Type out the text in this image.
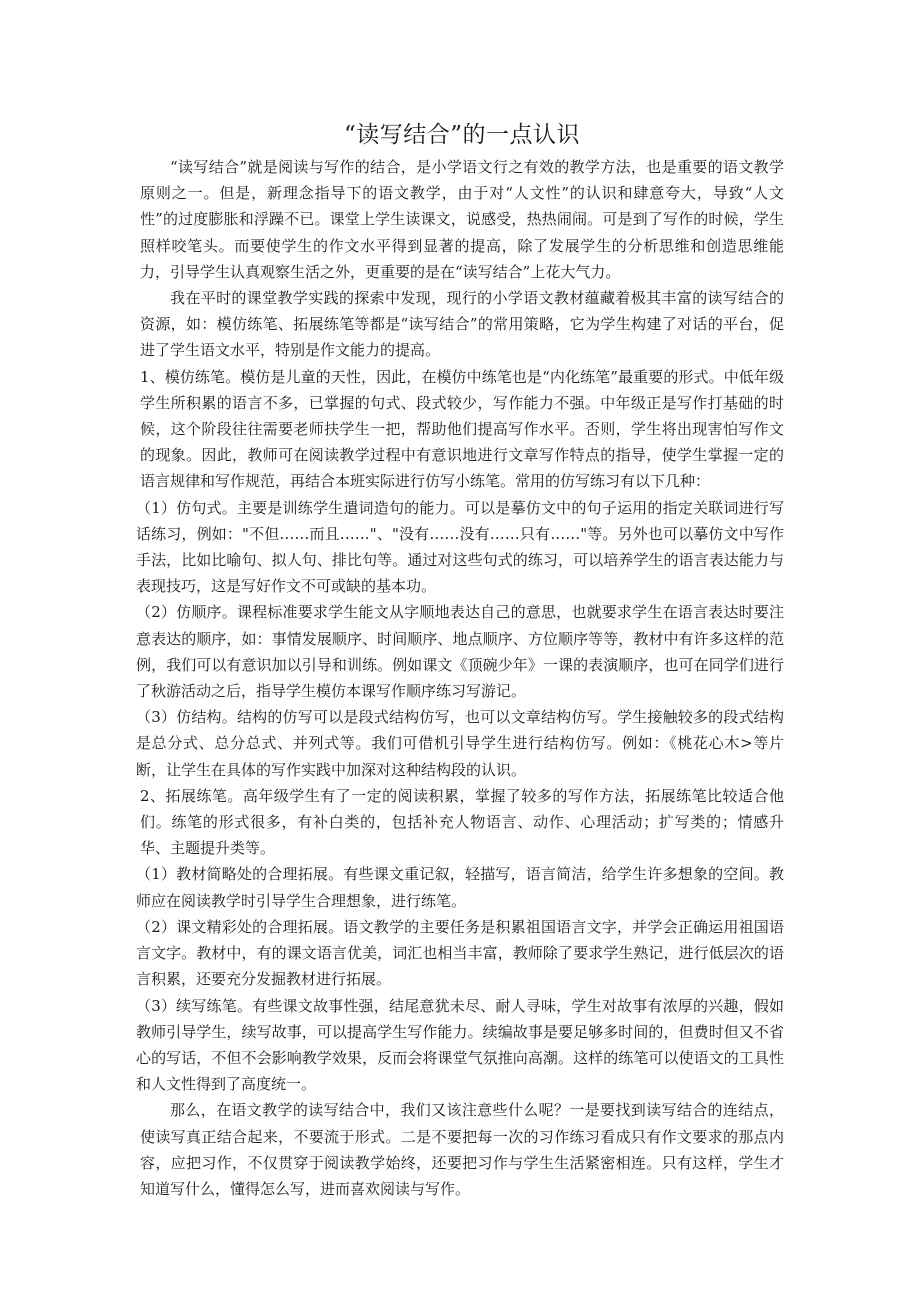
“读写结合”的一点认识

“读写结合”就是阅读与写作的结合，是小学语文行之有效的教学方法，也是重要的语文教学原则之一。但是，新理念指导下的语文教学，由于对“人文性”的认识和肆意夸大，导致“人文性”的过度膨胀和浮躁不已。课堂上学生读课文，说感受，热热闹闹。可是到了写作的时候，学生照样咬笔头。而要使学生的作文水平得到显著的提高，除了发展学生的分析思维和创造思维能力，引导学生认真观察生活之外，更重要的是在“读写结合”上花大气力。

我在平时的课堂教学实践的探索中发现，现行的小学语文教材蕴藏着极其丰富的读写结合的资源，如：模仿练笔、拓展练笔等都是“读写结合”的常用策略，它为学生构建了对话的平台，促进了学生语文水平，特别是作文能力的提高。

1、模仿练笔。模仿是儿童的天性，因此，在模仿中练笔也是“内化练笔”最重要的形式。中低年级学生所积累的语言不多，已掌握的句式、段式较少，写作能力不强。中年级正是写作打基础的时候，这个阶段往往需要老师扶学生一把，帮助他们提高写作水平。否则，学生将出现害怕写作文的现象。因此，教师可在阅读教学过程中有意识地进行文章写作特点的指导，使学生掌握一定的语言规律和写作规范，再结合本班实际进行仿写小练笔。常用的仿写练习有以下几种：

（1）仿句式。主要是训练学生遣词造句的能力。可以是摹仿文中的句子运用的指定关联词进行写话练习，例如："不但……而且……"、"没有……没有……只有……"等。另外也可以摹仿文中写作手法，比如比喻句、拟人句、排比句等。通过对这些句式的练习，可以培养学生的语言表达能力与表现技巧，这是写好作文不可或缺的基本功。

（2）仿顺序。课程标准要求学生能文从字顺地表达自己的意思，也就要求学生在语言表达时要注意表达的顺序，如：事情发展顺序、时间顺序、地点顺序、方位顺序等等，教材中有许多这样的范例，我们可以有意识加以引导和训练。例如课文《顶碗少年》一课的表演顺序，也可在同学们进行了秋游活动之后，指导学生模仿本课写作顺序练习写游记。

（3）仿结构。结构的仿写可以是段式结构仿写，也可以文章结构仿写。学生接触较多的段式结构是总分式、总分总式、并列式等。我们可借机引导学生进行结构仿写。例如：《桃花心木>等片断，让学生在具体的写作实践中加深对这种结构段的认识。

2、拓展练笔。高年级学生有了一定的阅读积累，掌握了较多的写作方法，拓展练笔比较适合他们。练笔的形式很多，有补白类的，包括补充人物语言、动作、心理活动；扩写类的；情感升华、主题提升类等。

（1）教材简略处的合理拓展。有些课文重记叙，轻描写，语言简洁，给学生许多想象的空间。教师应在阅读教学时引导学生合理想象，进行练笔。

（2）课文精彩处的合理拓展。语文教学的主要任务是积累祖国语言文字，并学会正确运用祖国语言文字。教材中，有的课文语言优美，词汇也相当丰富，教师除了要求学生熟记，进行低层次的语言积累，还要充分发掘教材进行拓展。

（3）续写练笔。有些课文故事性强，结尾意犹未尽、耐人寻味，学生对故事有浓厚的兴趣，假如教师引导学生，续写故事，可以提高学生写作能力。续编故事是要足够多时间的，但费时但又不省心的写话，不但不会影响教学效果，反而会将课堂气氛推向高潮。这样的练笔可以使语文的工具性和人文性得到了高度统一。

那么，在语文教学的读写结合中，我们又该注意些什么呢？一是要找到读写结合的连结点，使读写真正结合起来，不要流于形式。二是不要把每一次的习作练习看成只有作文要求的那点内容，应把习作，不仅贯穿于阅读教学始终，还要把习作与学生生活紧密相连。只有这样，学生才知道写什么，懂得怎么写，进而喜欢阅读与写作。
